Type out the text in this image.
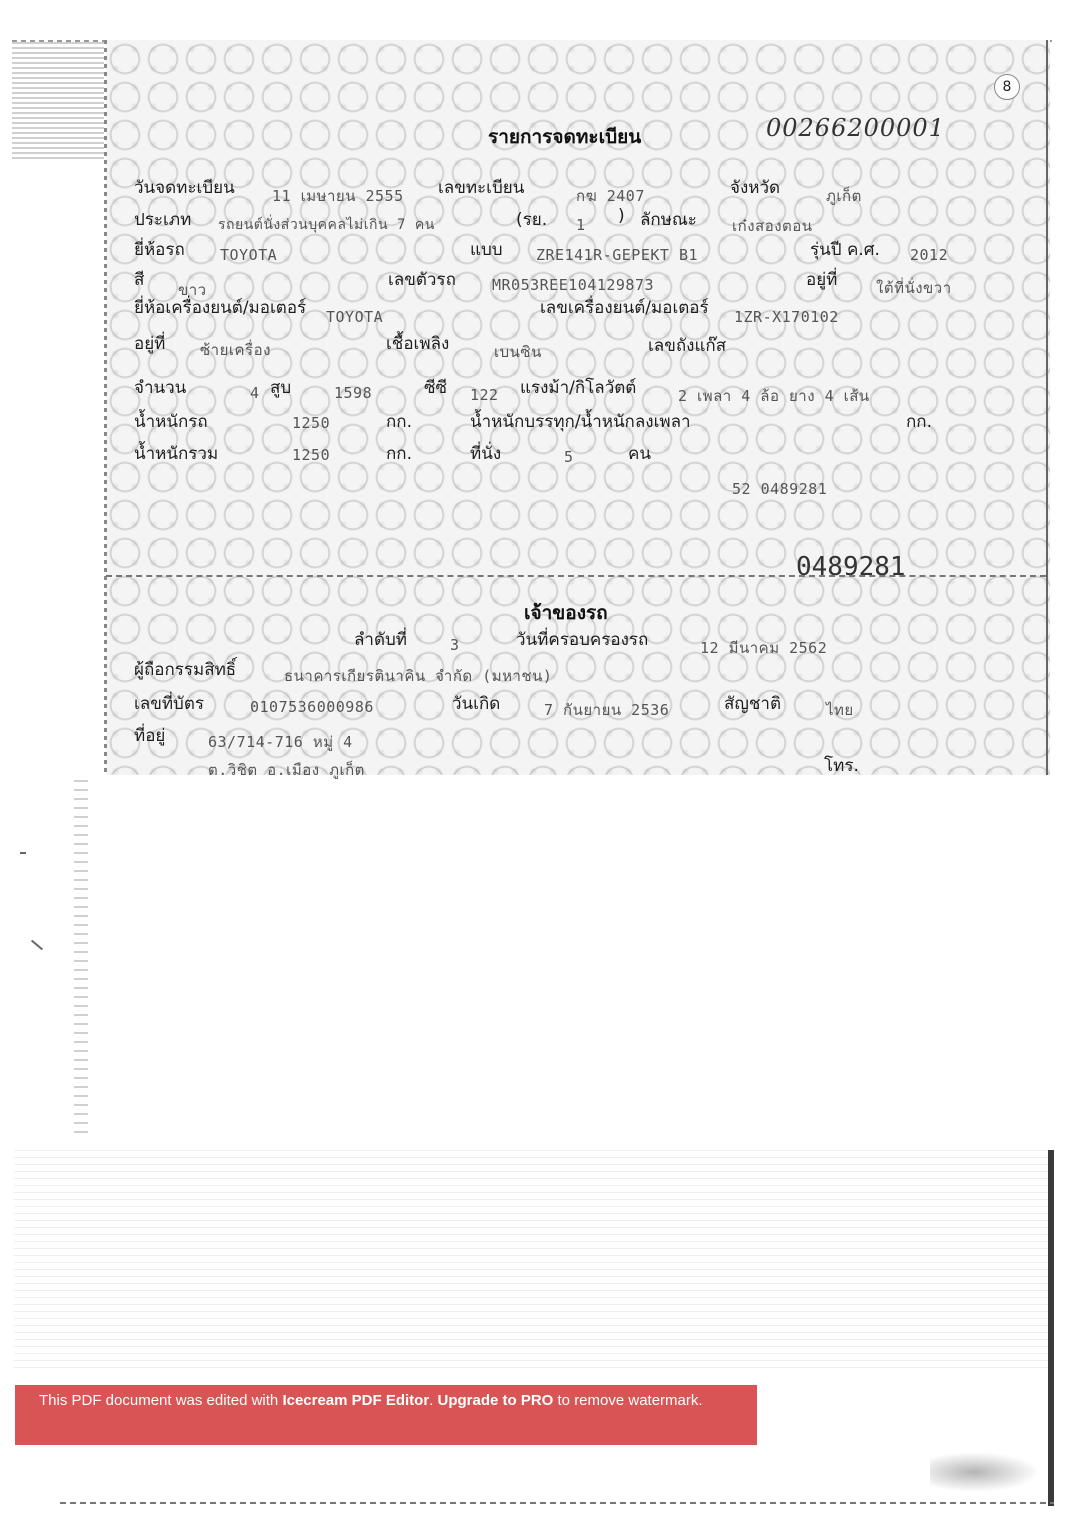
8
รายการจดทะเบียน	00266200001
วันจดทะเบียน 11 เมษายน 2555 เลขทะเบียน	กฆ 2407	จังหวัด	ภูเก็ต
ประเภท รถยนต์นั่งส่วนบุคคลไม่เกิน 7 คน	(รย. 1 ) ลักษณะ เก๋งสองตอน
ยี่ห้อรถ TOYOTA	แบบ ZRE141R-GEPEKT B1	รุ่นปี ค.ศ. 2012
สี ขาว	เลขตัวรถ MR053REE104129873	อยู่ที่	ใต้ที่นั่งขวา
ยี่ห้อเครื่องยนต์/มอเตอร์ TOYOTA	เลขเครื่องยนต์/มอเตอร์ 1ZR-X170102
อยู่ที่ ซ้ายเครื่อง	เชื้อเพลิง	เบนซิน	เลขถังแก๊ส
จำนวน	4 สูบ	1598	ซีซี 122 แรงม้า/กิโลวัตต์	2 เพลา 4 ล้อ ยาง 4 เส้น
น้ำหนักรถ	1250	กก.	น้ำหนักบรรทุก/น้ำหนักลงเพลา	กก.
น้ำหนักรวม	1250	กก.	ที่นั่ง	5	คน
52 0489281
0489281
เจ้าของรถ
ลำดับที่	3	วันที่ครอบครองรถ	12 มีนาคม 2562
ผู้ถือกรรมสิทธิ์	ธนาคารเกียรตินาคิน จำกัด (มหาชน)
เลขที่บัตร	0107536000986	วันเกิด	7 กันยายน 2536	สัญชาติ	ไทย
ที่อยู่	63/714-716 หมู่ 4
ต.วิชิต อ.เมือง ภูเก็ต	โทร.
This PDF document was edited with Icecream PDF Editor. Upgrade to PRO to remove watermark.
